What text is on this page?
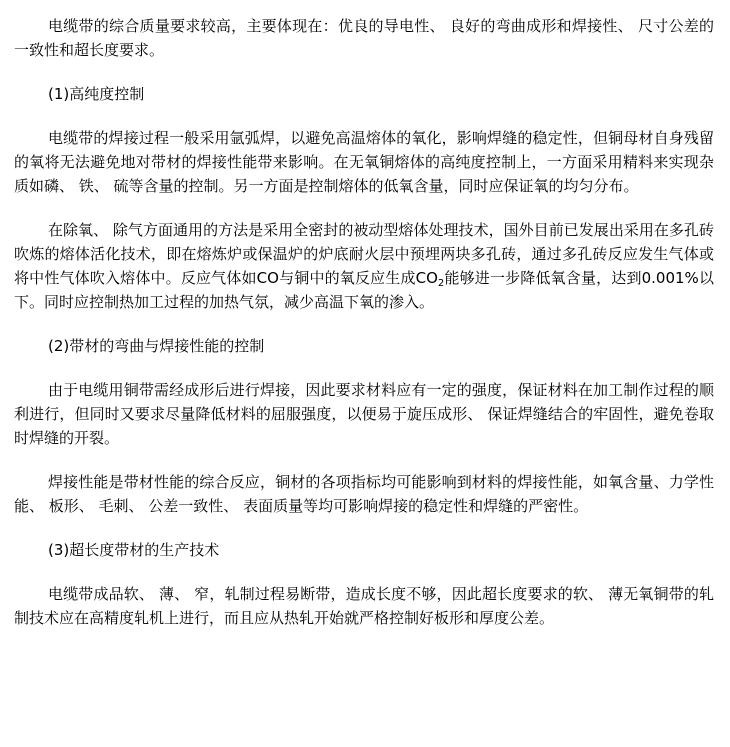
电缆带的综合质量要求较高，主要体现在：优良的导电性、 良好的弯曲成形和焊接性、 尺寸公差的一致性和超长度要求。

(1)高纯度控制

电缆带的焊接过程一般采用氩弧焊，以避免高温熔体的氧化，影响焊缝的稳定性，但铜母材自身残留的氧将无法避免地对带材的焊接性能带来影响。在无氧铜熔体的高纯度控制上，一方面采用精料来实现杂质如磷、 铁、 硫等含量的控制。另一方面是控制熔体的低氧含量，同时应保证氧的均匀分布。

在除氧、 除气方面通用的方法是采用全密封的被动型熔体处理技术，国外目前已发展出采用在多孔砖吹炼的熔体活化技术，即在熔炼炉或保温炉的炉底耐火层中预埋两块多孔砖，通过多孔砖反应发生气体或将中性气体吹入熔体中。反应气体如CO与铜中的氧反应生成$CO_2$能够进一步降低氧含量，达到0.001%以下。同时应控制热加工过程的加热气氛，减少高温下氧的渗入。

(2)带材的弯曲与焊接性能的控制

由于电缆用铜带需经成形后进行焊接，因此要求材料应有一定的强度，保证材料在加工制作过程的顺利进行，但同时又要求尽量降低材料的屈服强度，以便易于旋压成形、 保证焊缝结合的牢固性，避免卷取时焊缝的开裂。

焊接性能是带材性能的综合反应，铜材的各项指标均可能影响到材料的焊接性能，如氧含量、力学性能、 板形、 毛刺、 公差一致性、 表面质量等均可影响焊接的稳定性和焊缝的严密性。

(3)超长度带材的生产技术

电缆带成品软、 薄、 窄，轧制过程易断带，造成长度不够，因此超长度要求的软、 薄无氧铜带的轧制技术应在高精度轧机上进行，而且应从热轧开始就严格控制好板形和厚度公差。
